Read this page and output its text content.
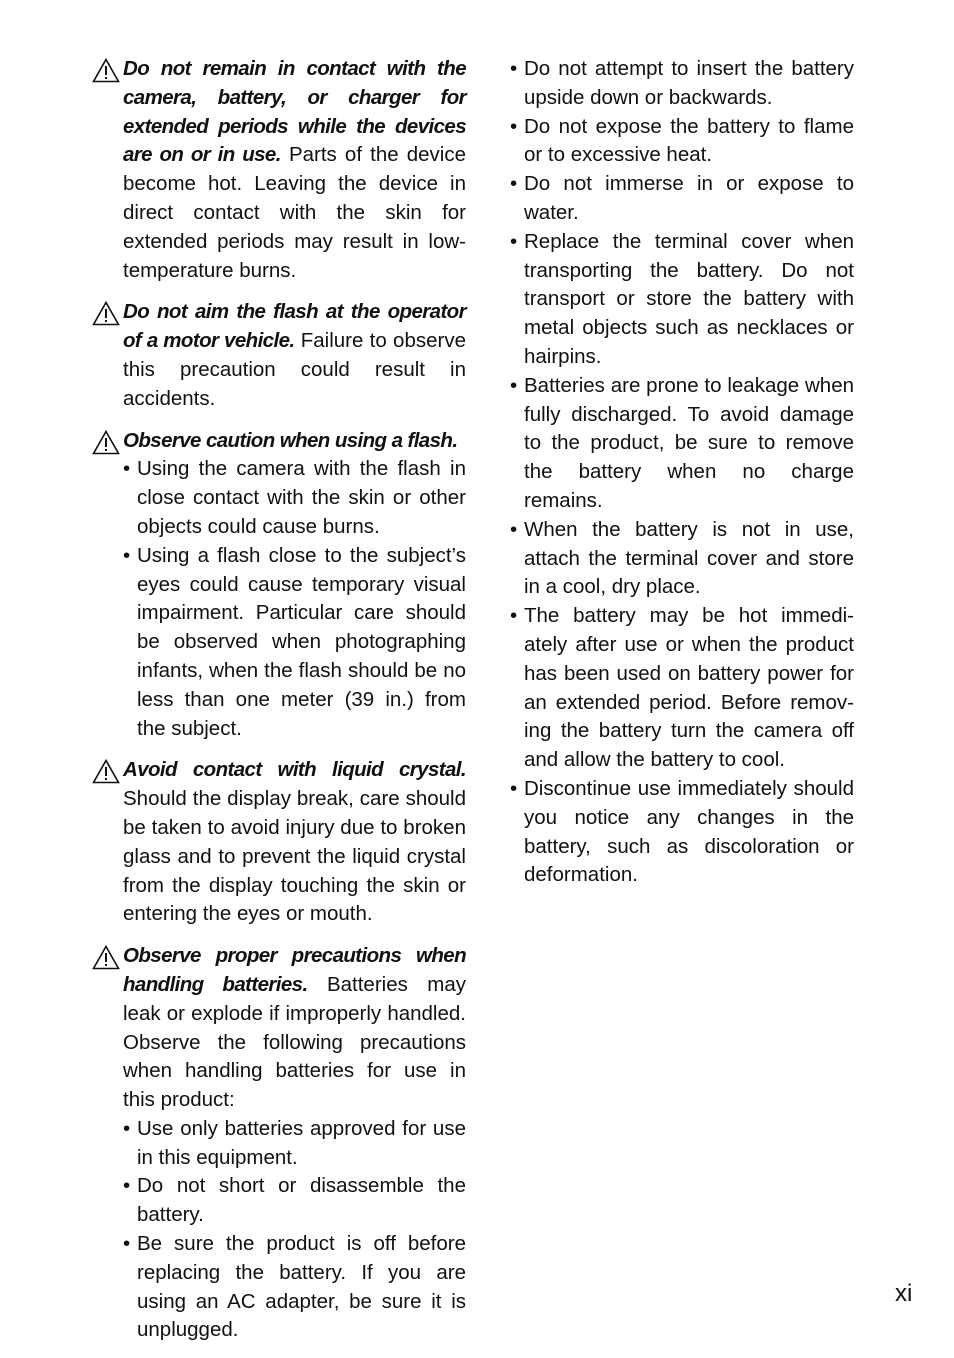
Do not remain in contact with the camera, battery, or charger for extended periods while the devices are on or in use. Parts of the device become hot. Leaving the device in direct contact with the skin for extended periods may result in low-temperature burns.
Do not aim the flash at the operator of a motor vehicle. Failure to observe this precaution could result in accidents.
Observe caution when using a flash.
• Using the camera with the flash in close contact with the skin or other objects could cause burns.
• Using a flash close to the subject’s eyes could cause temporary visual impairment. Particular care should be observed when photographing infants, when the flash should be no less than one meter (39 in.) from the subject.
Avoid contact with liquid crystal. Should the display break, care should be taken to avoid injury due to broken glass and to prevent the liquid crystal from the display touching the skin or entering the eyes or mouth.
Observe proper precautions when handling batteries. Batteries may leak or explode if improperly handled. Observe the following precautions when handling batteries for use in this product:
• Use only batteries approved for use in this equipment.
• Do not short or disassemble the battery.
• Be sure the product is off before replacing the battery. If you are using an AC adapter, be sure it is unplugged.
• Do not attempt to insert the battery upside down or backwards.
• Do not expose the battery to flame or to excessive heat.
• Do not immerse in or expose to water.
• Replace the terminal cover when transporting the battery. Do not transport or store the battery with metal objects such as necklaces or hairpins.
• Batteries are prone to leakage when fully discharged. To avoid damage to the product, be sure to remove the battery when no charge remains.
• When the battery is not in use, attach the terminal cover and store in a cool, dry place.
• The battery may be hot immedi-ately after use or when the product has been used on battery power for an extended period. Before remov-ing the battery turn the camera off and allow the battery to cool.
• Discontinue use immediately should you notice any changes in the battery, such as discoloration or deformation.
xi
